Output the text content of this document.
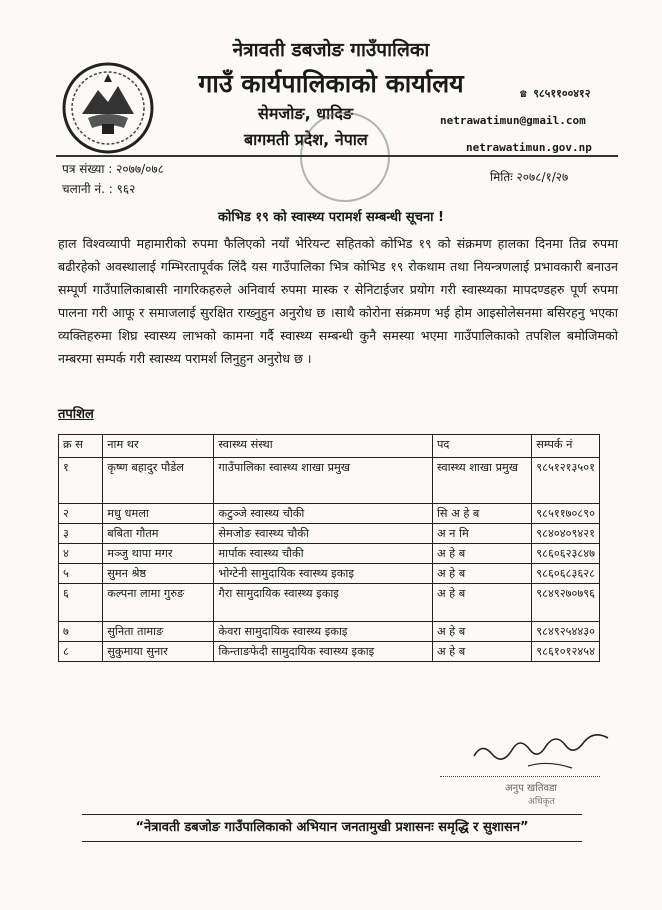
नेत्रावती डबजोङ गाउँपालिका
गाउँ कार्यपालिकाको कार्यालय
सेमजोङ, धादिङ
बागमती प्रदेश, नेपाल
☎ ९८५११००४१२
netrawatimun@gmail.com
netrawatimun.gov.np
पत्र संख्या : २०७७/०७८
चलानी नं. : ९६२
मितिः २०७८/१/२७
कोभिड १९ को स्वास्थ्य परामर्श सम्बन्धी सूचना !
हाल विश्वव्यापी महामारीको रुपमा फैलिएको नयाँ भेरियन्ट सहितको कोभिड १९ को संक्रमण हालका दिनमा तिव्र रुपमा बढीरहेको अवस्थालाई गम्भिरतापूर्वक लिंदै यस गाउँपालिका भित्र कोभिड १९ रोकथाम तथा नियन्त्रणलाई प्रभावकारी बनाउन सम्पूर्ण गाउँपालिकाबासी नागरिकहरुले अनिवार्य रुपमा मास्क र सेनिटाईजर प्रयोग गरी स्वास्थ्यका मापदण्डहरु पूर्ण रुपमा पालना गरी आफू र समाजलाई सुरक्षित राख्नुहुन अनुरोध छ ।साथै कोरोना संक्रमण भई होम आइसोलेसनमा बसिरहनु भएका व्यक्तिहरुमा शिघ्र स्वास्थ्य लाभको कामना गर्दै स्वास्थ्य सम्बन्धी कुनै समस्या भएमा गाउँपालिकाको तपशिल बमोजिमको नम्बरमा सम्पर्क गरी स्वास्थ्य परामर्श लिनुहुन अनुरोध छ ।
तपशिल
क्र स	नाम थर	स्वास्थ्य संस्था	पद	सम्पर्क नं
१	कृष्ण बहादुर पौडेल	गाउँपालिका स्वास्थ्य शाखा प्रमुख	स्वास्थ्य शाखा प्रमुख	९८५१२१३५०१
२	मधु धमला	कटुञ्जे स्वास्थ्य चौकी	सि अ हे ब	९८५११७०८९०
३	बबिता गौतम	सेमजोङ स्वास्थ्य चौकी	अ न मि	९८४०४०९४२१
४	मञ्जु थापा मगर	मार्पाक स्वास्थ्य चौकी	अ हे ब	९८६०६२३८४७
५	सुमन श्रेष्ठ	भोग्टेनी सामुदायिक स्वास्थ्य इकाइ	अ हे ब	९८६०६८३६२८
६	कल्पना लामा गुरुङ	गैरा सामुदायिक स्वास्थ्य इकाइ	अ हे ब	९८४९२७०७९६
७	सुनिता तामाङ	केवरा सामुदायिक स्वास्थ्य इकाइ	अ हे ब	९८४९२५४४३०
८	सुकुमाया सुनार	किन्ताङफेदी सामुदायिक स्वास्थ्य इकाइ	अ हे ब	९८६१०१२४५४
अनुप खतिवडा
अधिकृत
“नेत्रावती डबजोङ गाउँपालिकाको अभियान जनतामुखी प्रशासनः समृद्धि र सुशासन”
